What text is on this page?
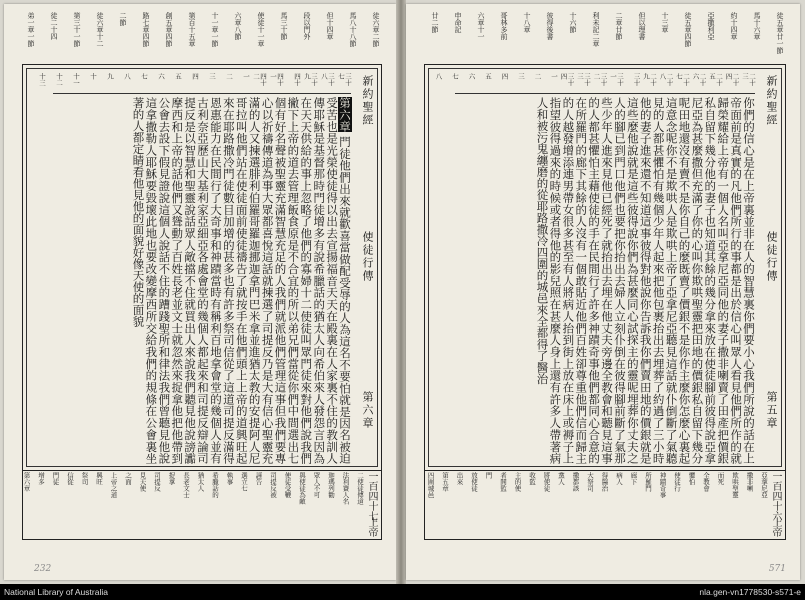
徒六章二節
馬八十八節
但十四章
段以門外
馬三十節
使徒十一章
六章八節
十一章一節
第百十五章
創五章四節
路七章四節
二節
徒六章十二
第三十一節
徒二十四
弟一章一節
新約聖經
使徒行傳
第六章
三十七
三十八
三十九
四十
四十一
四十二
一
二
三
四
五
六
七
八
九
十
十一
十二
十三
第六章 門徒他們出來就歡喜當做配受辱的人為這名不要怕就是因名被迫受苦也是光榮使徒得以出去宣揚福音天天在殿裏在人家裏不住的教訓人傳耶穌是基督那時門徒增多有說希臘話的猶太人向希伯來人發怨言因為在天天供給的事上忽略了他們的寡婦十二使徒叫眾門徒來對他們說我們撇下上帝的道去管理飯食原是不合宜的所以弟兄們當從你們中間選出七個有好名聲被聖靈充滿智慧充足的人我們就派他們管理這事但我們要專心以祈禱傳道為事大眾都喜悅這話就揀選了司提反乃是大有信心聖靈充滿的人又揀選腓利伯羅哥羅迦挪迦拿門巴米拿並進猶太教的安提阿人尼哥拉叫他們站在使徒面前使徒禱告了就按手在他們頭上上帝的道興旺起來在耶路撒冷門徒數目加增的甚多也有許多祭司信從了這道司提反滿得恩惠能力在民間行了大奇事和神蹟當時有稱利百地拿會堂的幾個人並有古利奈亞歷山大基利家亞細亞各處會堂的幾個人都起來和司提反辯論司提反是以智慧和聖靈說話眾人敵擋不住就買出人來說我們聽見他說謗讟摩西和上帝的話他們又聳動了百姓長老並文士就忽然來捉拿他把他帶到公會去設下假見證說這個人說話不住的蹧踐聖所和律法我們曾聽見他說這拿撒勒人耶穌要毀壞此地也要改變摩西所交給我們的規條在公會裏坐著的人都定睛看他見他的面貌好像天使的面貌
一百四十七
上帝
二使徒傳道
法利賽人名
迦瑪列勸
眾人不可
與使徒為敵
使徒受鞭
司提反被
誣告
選立七
執事
希臘話的
猶太人
長老文士
捉拿
司提反
見天使
之面
上帝之道
興旺
祭司
信從
門徒
增多
第六章
232
徒五章廿一節
馬十六章
約十四章
亞撒利亞
徒五章四節
十三章
但以理書
二章廿節
利未記二章
十六節
彼得後書
十八章
哥林多前
六章十一
申命記
廿二節
新約聖經
使徒行傳
第五章
二十三
二十四
二十五
二十六
二十七
二十八
二十九
三十
三十一
三十二
三十三
三十四
一
二
三
四
五
六
七
八
你們的信心是在上帝裏並非在人的智慧裏你們要小心我們所說的話在上帝面前是真實的凡他們所行的事都是出於信心叫眾人看見他們所作的就歸榮耀給上帝有一個人名叫亞拿尼亞同他的妻子撒非喇賣了田產把價銀私自留下幾分他的妻子也知道其餘的幾分拿來放在使徒腳前彼得說亞拿尼亞為甚麼撒但充滿了你的心叫你欺哄聖靈把田地的價銀私自留下幾分呢田地還沒有賣不是你自己的麼既賣了價銀不是你作主麼你怎麼心裏起這意念呢你不是欺哄人是欺哄上帝了亞拿尼亞聽見這話就仆倒斷了氣聽見的人都甚懼怕有幾個少年人起來把他包裹抬出去埋葬了約過了三小時他的妻子進來還不知道這事彼得對他說你告訴我你們賣田地的價銀就是這些麼他說就是這些彼得說你們為甚麼同心試探主的靈呢埋葬你丈夫之人的腳已到門口他們也要把你抬出去婦人立刻仆倒在彼得腳前斷了氣那些少年人進來見他已經死了就抬出去埋在他丈夫旁邊全教會和聽見這事的人都甚懼怕主藉使徒的手在民間行了許多神蹟奇事他們都同心合意的在所羅門的廊下其餘的人沒有一個敢貼近他們百姓卻尊重他們信而歸主的人越發增添連男帶女很多甚至有人將病人抬到街上放在床上或褥子上指望彼得過來的時候或者得他的影兒照在甚麼人身上還有許多人帶著病人和被污鬼纏磨的從耶路撒冷四圍的城邑來全都得了醫治
一百四十六
上帝
亞拿尼亞
撒非喇
欺哄聖靈
而死
全教會
懼怕
使徒行
神蹟奇事
所羅門
廊下
病人
得醫治
大祭司
撒都該
黨人
將使徒
收監
主的使
者開監
門
放使徒
出來
第五章
四圍城邑
571
National Library of Australia	nla.gen-vn1778530-s571-e
